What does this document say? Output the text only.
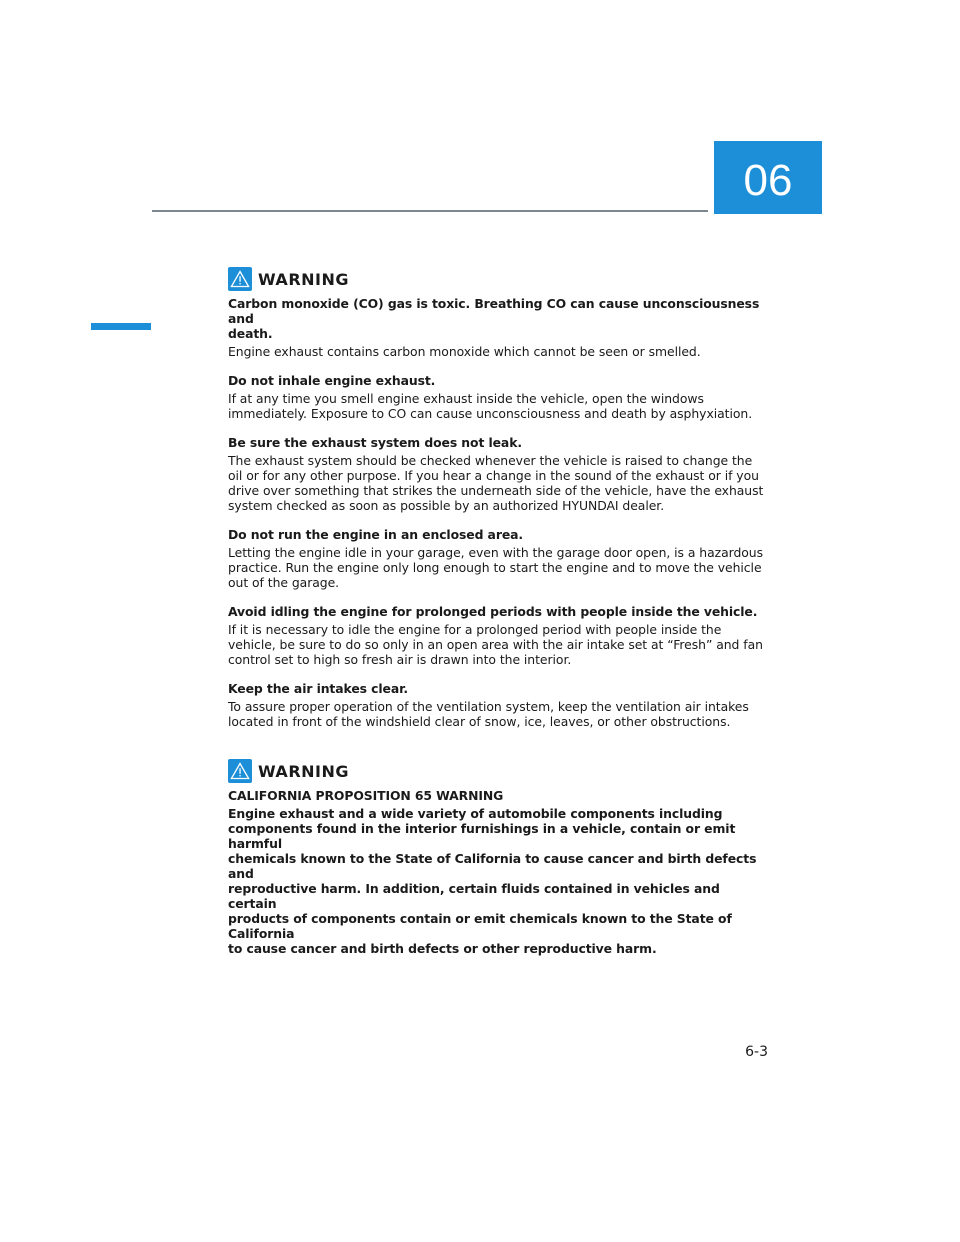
06
WARNING
Carbon monoxide (CO) gas is toxic. Breathing CO can cause unconsciousness and
death.
Engine exhaust contains carbon monoxide which cannot be seen or smelled.
Do not inhale engine exhaust.
If at any time you smell engine exhaust inside the vehicle, open the windows
immediately. Exposure to CO can cause unconsciousness and death by asphyxiation.
Be sure the exhaust system does not leak.
The exhaust system should be checked whenever the vehicle is raised to change the
oil or for any other purpose. If you hear a change in the sound of the exhaust or if you
drive over something that strikes the underneath side of the vehicle, have the exhaust
system checked as soon as possible by an authorized HYUNDAI dealer.
Do not run the engine in an enclosed area.
Letting the engine idle in your garage, even with the garage door open, is a hazardous
practice. Run the engine only long enough to start the engine and to move the vehicle
out of the garage.
Avoid idling the engine for prolonged periods with people inside the vehicle.
If it is necessary to idle the engine for a prolonged period with people inside the
vehicle, be sure to do so only in an open area with the air intake set at “Fresh” and fan
control set to high so fresh air is drawn into the interior.
Keep the air intakes clear.
To assure proper operation of the ventilation system, keep the ventilation air intakes
located in front of the windshield clear of snow, ice, leaves, or other obstructions.
WARNING
CALIFORNIA PROPOSITION 65 WARNING
Engine exhaust and a wide variety of automobile components including
components found in the interior furnishings in a vehicle, contain or emit harmful
chemicals known to the State of California to cause cancer and birth defects and
reproductive harm. In addition, certain fluids contained in vehicles and certain
products of components contain or emit chemicals known to the State of California
to cause cancer and birth defects or other reproductive harm.
6-3
